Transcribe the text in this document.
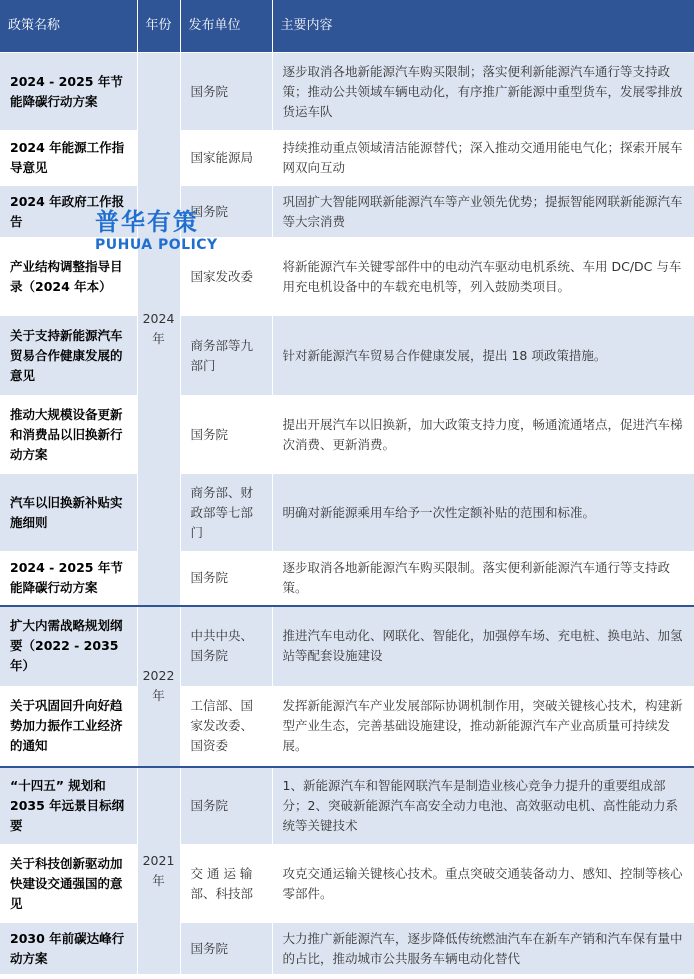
政策名称	年份	发布单位	主要内容
2024 - 2025 年节能降碳行动方案	2024年	国务院	逐步取消各地新能源汽车购买限制；落实便利新能源汽车通行等支持政策；推动公共领域车辆电动化，有序推广新能源中重型货车，发展零排放货运车队
2024 年能源工作指导意见		国家能源局	持续推动重点领域清洁能源替代；深入推动交通用能电气化；探索开展车网双向互动
2024 年政府工作报告		国务院	巩固扩大智能网联新能源汽车等产业领先优势；提振智能网联新能源汽车等大宗消费
产业结构调整指导目录（2024 年本）		国家发改委	将新能源汽车关键零部件中的电动汽车驱动电机系统、车用 DC/DC 与车用充电机设备中的车载充电机等，列入鼓励类项目。
关于支持新能源汽车贸易合作健康发展的意见		商务部等九部门	针对新能源汽车贸易合作健康发展，提出 18 项政策措施。
推动大规模设备更新和消费品以旧换新行动方案		国务院	提出开展汽车以旧换新，加大政策支持力度，畅通流通堵点，促进汽车梯次消费、更新消费。
汽车以旧换新补贴实施细则		商务部、财政部等七部门	明确对新能源乘用车给予一次性定额补贴的范围和标准。
2024 - 2025 年节能降碳行动方案		国务院	逐步取消各地新能源汽车购买限制。落实便利新能源汽车通行等支持政策。
扩大内需战略规划纲要（2022 - 2035 年）	2022年	中共中央、国务院	推进汽车电动化、网联化、智能化，加强停车场、充电桩、换电站、加氢站等配套设施建设
关于巩固回升向好趋势加力振作工业经济的通知		工信部、国家发改委、国资委	发挥新能源汽车产业发展部际协调机制作用，突破关键核心技术，构建新型产业生态，完善基础设施建设，推动新能源汽车产业高质量可持续发展。
“十四五” 规划和 2035 年远景目标纲要	2021年	国务院	1、新能源汽车和智能网联汽车是制造业核心竞争力提升的重要组成部分；2、突破新能源汽车高安全动力电池、高效驱动电机、高性能动力系统等关键技术
关于科技创新驱动加快建设交通强国的意见		交 通 运 输 部、科技部	攻克交通运输关键核心技术。重点突破交通装备动力、感知、控制等核心零部件。
2030 年前碳达峰行动方案		国务院	大力推广新能源汽车，逐步降低传统燃油汽车在新车产销和汽车保有量中的占比，推动城市公共服务车辆电动化替代
普华有策
PUHUA POLICY
